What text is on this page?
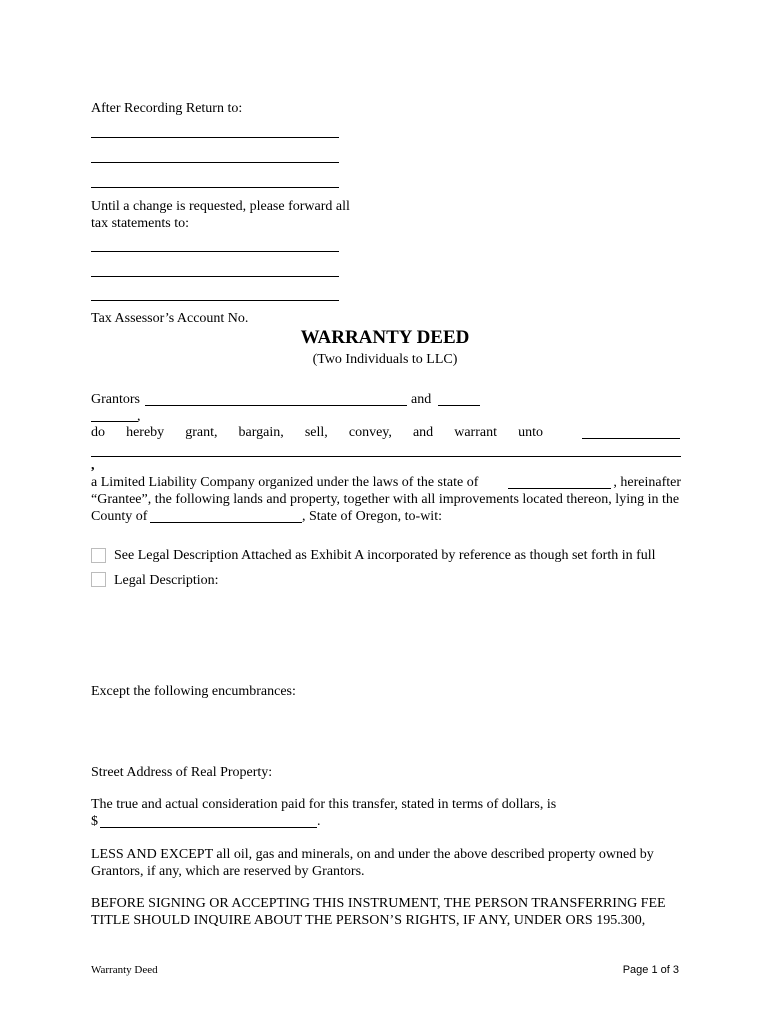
After Recording Return to:
Until a change is requested, please forward all
tax statements to:
Tax Assessor’s Account No.
WARRANTY DEED
(Two Individuals to LLC)
Grantors	and
,
do hereby grant, bargain, sell, convey, and warrant unto
,
a Limited Liability Company organized under the laws of the state of	, hereinafter
“Grantee”, the following lands and property, together with all improvements located thereon, lying in the
County of	, State of Oregon, to-wit:
See Legal Description Attached as Exhibit A incorporated by reference as though set forth in full
Legal Description:
Except the following encumbrances:
Street Address of Real Property:
The true and actual consideration paid for this transfer, stated in terms of dollars, is
$	.
LESS AND EXCEPT all oil, gas and minerals, on and under the above described property owned by
Grantors, if any, which are reserved by Grantors.
BEFORE SIGNING OR ACCEPTING THIS INSTRUMENT, THE PERSON TRANSFERRING FEE
TITLE SHOULD INQUIRE ABOUT THE PERSON’S RIGHTS, IF ANY, UNDER ORS 195.300,
Warranty Deed	Page 1 of 3
